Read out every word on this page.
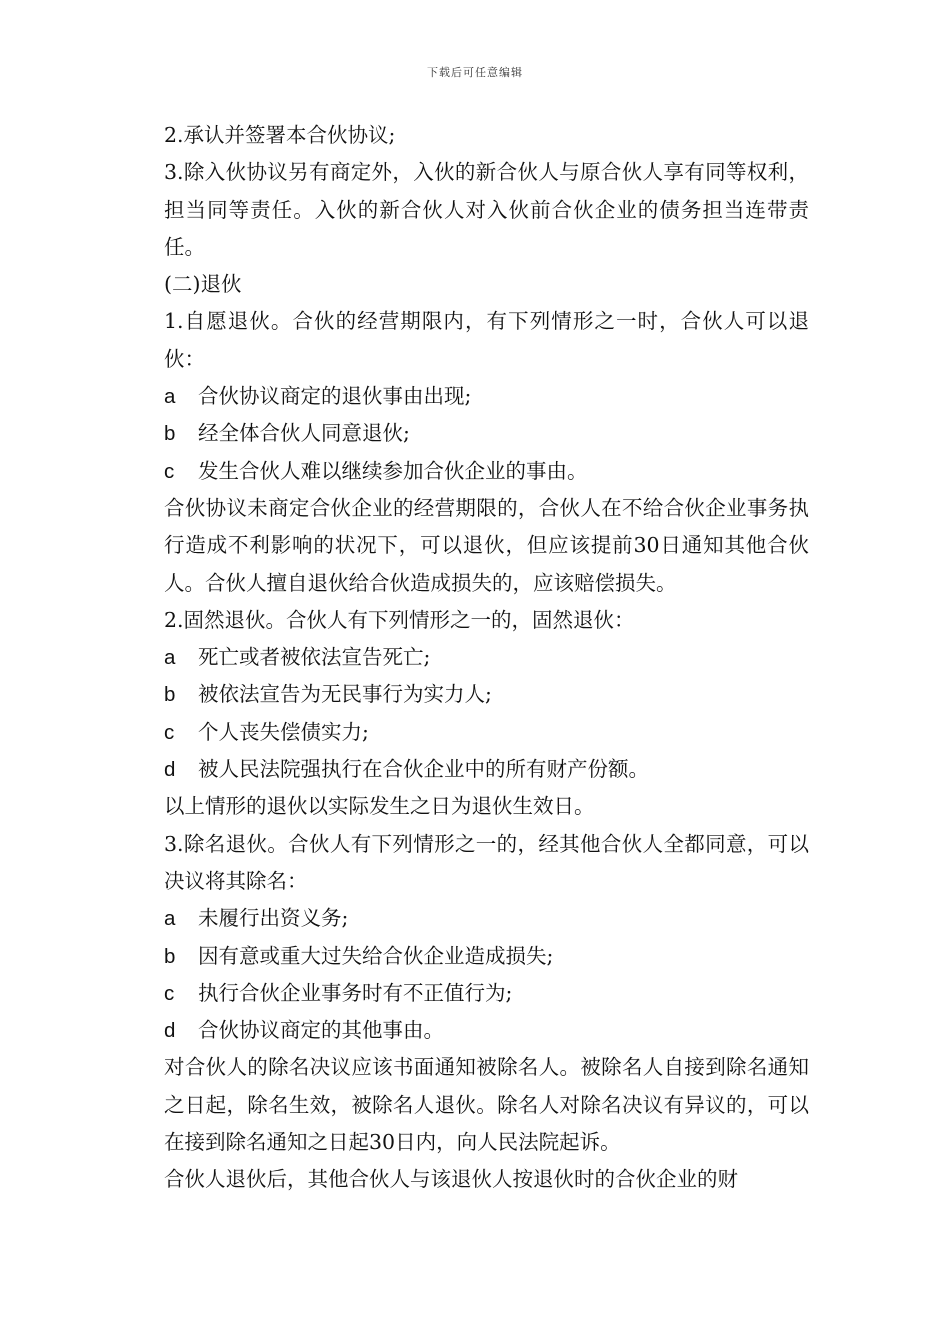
下载后可任意编辑

2.承认并签署本合伙协议;

3.除入伙协议另有商定外，入伙的新合伙人与原合伙人享有同等权利，担当同等责任。入伙的新合伙人对入伙前合伙企业的债务担当连带责任。

(二)退伙

1.自愿退伙。合伙的经营期限内，有下列情形之一时，合伙人可以退伙：

a	合伙协议商定的退伙事由出现;
b	经全体合伙人同意退伙;
c	发生合伙人难以继续参加合伙企业的事由。

合伙协议未商定合伙企业的经营期限的，合伙人在不给合伙企业事务执行造成不利影响的状况下，可以退伙，但应该提前30日通知其他合伙人。合伙人擅自退伙给合伙造成损失的，应该赔偿损失。

2.固然退伙。合伙人有下列情形之一的，固然退伙：

a	死亡或者被依法宣告死亡;
b	被依法宣告为无民事行为实力人;
c	个人丧失偿债实力;
d	被人民法院强执行在合伙企业中的所有财产份额。

以上情形的退伙以实际发生之日为退伙生效日。

3.除名退伙。合伙人有下列情形之一的，经其他合伙人全都同意，可以决议将其除名：

a	未履行出资义务;
b	因有意或重大过失给合伙企业造成损失;
c	执行合伙企业事务时有不正值行为;
d	合伙协议商定的其他事由。

对合伙人的除名决议应该书面通知被除名人。被除名人自接到除名通知之日起，除名生效，被除名人退伙。除名人对除名决议有异议的，可以在接到除名通知之日起30日内，向人民法院起诉。

合伙人退伙后，其他合伙人与该退伙人按退伙时的合伙企业的财
